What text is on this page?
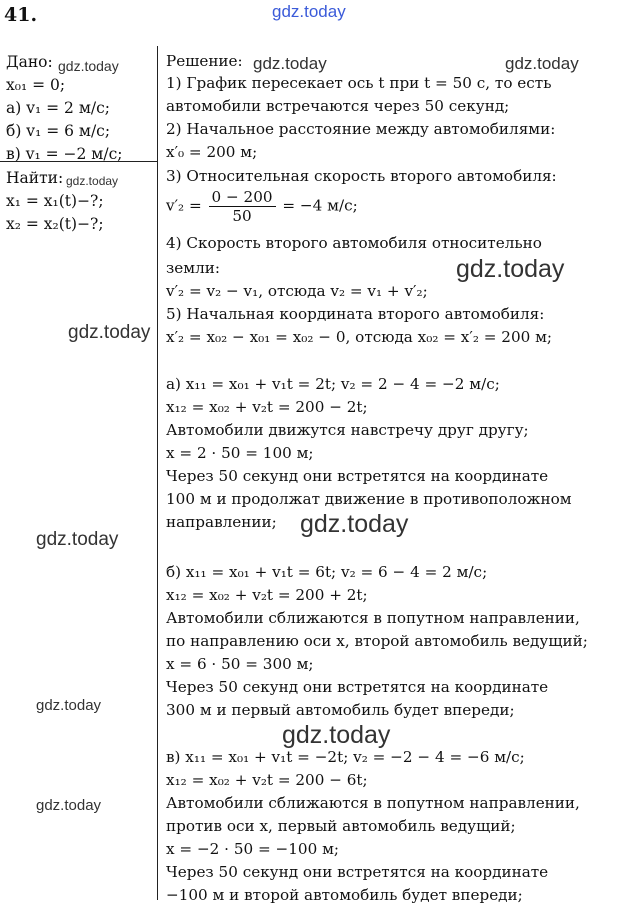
41.	gdz.today
gdz.today	gdz.today	gdz.today
gdz.today
gdz.today
gdz.today
gdz.today
gdz.today
gdz.today
gdz.today
gdz.today
Дано:
x₀₁ = 0;
а) v₁ = 2 м/с;
б) v₁ = 6 м/с;
в) v₁ = −2 м/с;
Найти:
x₁ = x₁(t)−?;
x₂ = x₂(t)−?;
Решение:
1) График пересекает ось t при t = 50 с, то есть
автомобили встречаются через 50 секунд;
2) Начальное расстояние между автомобилями:
x′₀ = 200 м;
3) Относительная скорость второго автомобиля:
$v'_2 = \frac{0 - 200}{50} = -4$ м/с;
4) Скорость второго автомобиля относительно
земли:
v′₂ = v₂ − v₁, отсюда v₂ = v₁ + v′₂;
5) Начальная координата второго автомобиля:
x′₂ = x₀₂ − x₀₁ = x₀₂ − 0, отсюда x₀₂ = x′₂ = 200 м;
а) x₁₁ = x₀₁ + v₁t = 2t; v₂ = 2 − 4 = −2 м/с;
x₁₂ = x₀₂ + v₂t = 200 − 2t;
Автомобили движутся навстречу друг другу;
x = 2 · 50 = 100 м;
Через 50 секунд они встретятся на координате
100 м и продолжат движение в противоположном
направлении;
б) x₁₁ = x₀₁ + v₁t = 6t; v₂ = 6 − 4 = 2 м/с;
x₁₂ = x₀₂ + v₂t = 200 + 2t;
Автомобили сближаются в попутном направлении,
по направлению оси x, второй автомобиль ведущий;
x = 6 · 50 = 300 м;
Через 50 секунд они встретятся на координате
300 м и первый автомобиль будет впереди;
в) x₁₁ = x₀₁ + v₁t = −2t; v₂ = −2 − 4 = −6 м/с;
x₁₂ = x₀₂ + v₂t = 200 − 6t;
Автомобили сближаются в попутном направлении,
против оси x, первый автомобиль ведущий;
x = −2 · 50 = −100 м;
Через 50 секунд они встретятся на координате
−100 м и второй автомобиль будет впереди;
